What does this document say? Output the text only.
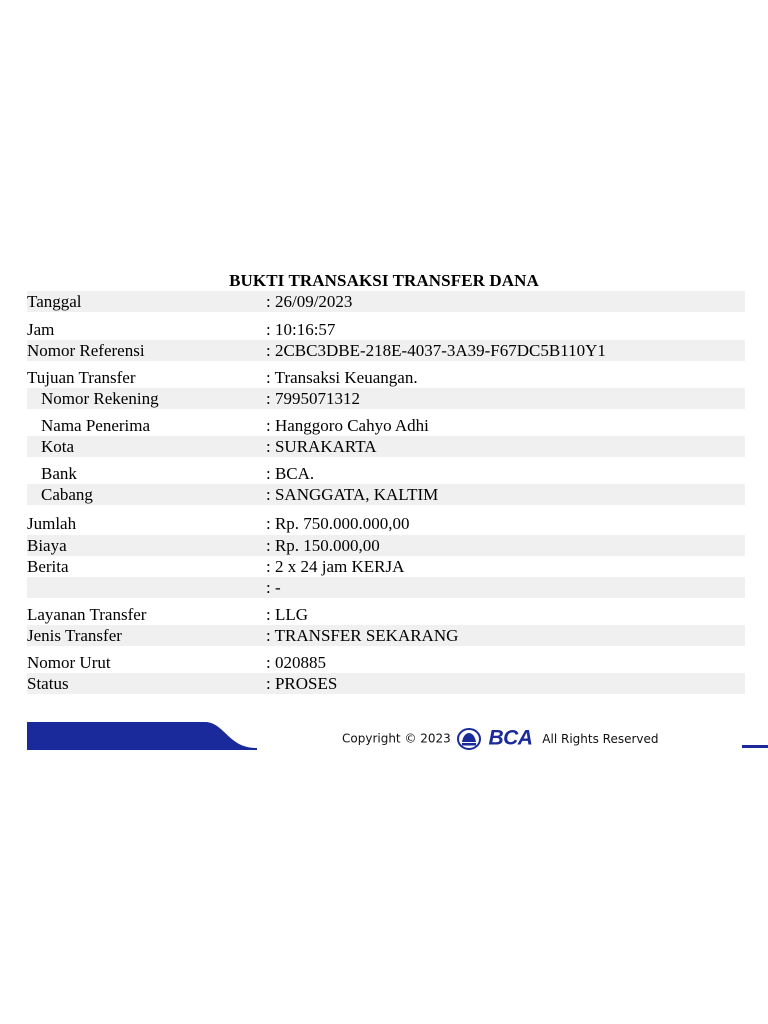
BUKTI TRANSAKSI TRANSFER DANA
Tanggal	: 26/09/2023
Jam	: 10:16:57
Nomor Referensi	: 2CBC3DBE-218E-4037-3A39-F67DC5B110Y1
Tujuan Transfer	: Transaksi Keuangan.
Nomor Rekening	: 7995071312
Nama Penerima	: Hanggoro Cahyo Adhi
Kota	: SURAKARTA
Bank	: BCA.
Cabang	: SANGGATA, KALTIM
Jumlah	: Rp. 750.000.000,00
Biaya	: Rp. 150.000,00
Berita	: 2 x 24 jam KERJA
: -
Layanan Transfer	: LLG
Jenis Transfer	: TRANSFER SEKARANG
Nomor Urut	: 020885
Status	: PROSES
Copyright © 2023 BCA All Rights Reserved
